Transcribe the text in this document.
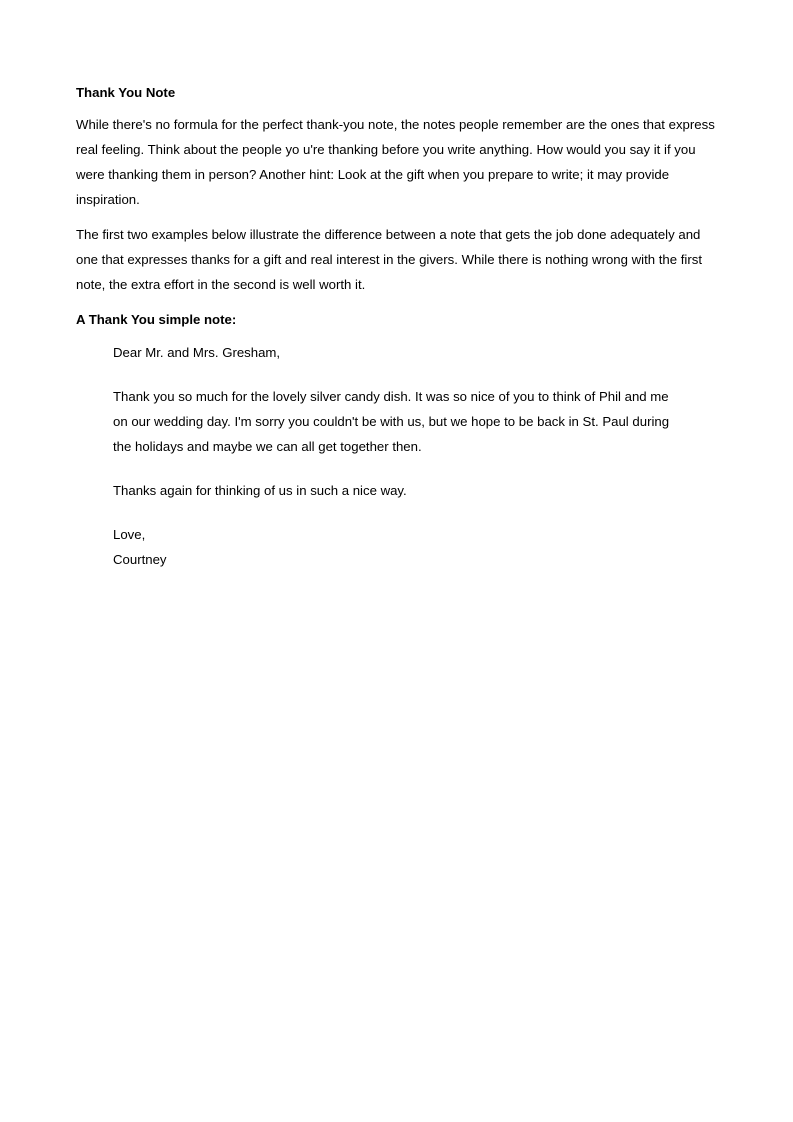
Thank You Note
While there's no formula for the perfect thank-you note, the notes people remember are the ones that express real feeling. Think about the people yo u're thanking before you write anything. How would you say it if you were thanking them in person? Another hint: Look at the gift when you prepare to write; it may provide inspiration.
The first two examples below illustrate the difference between a note that gets the job done adequately and one that expresses thanks for a gift and real interest in the givers. While there is nothing wrong with the first note, the extra effort in the second is well worth it.
A Thank You simple note:
Dear Mr. and Mrs. Gresham,
Thank you so much for the lovely silver candy dish. It was so nice of you to think of Phil and me on our wedding day. I'm sorry you couldn't be with us, but we hope to be back in St. Paul during the holidays and maybe we can all get together then.
Thanks again for thinking of us in such a nice way.
Love,
Courtney
